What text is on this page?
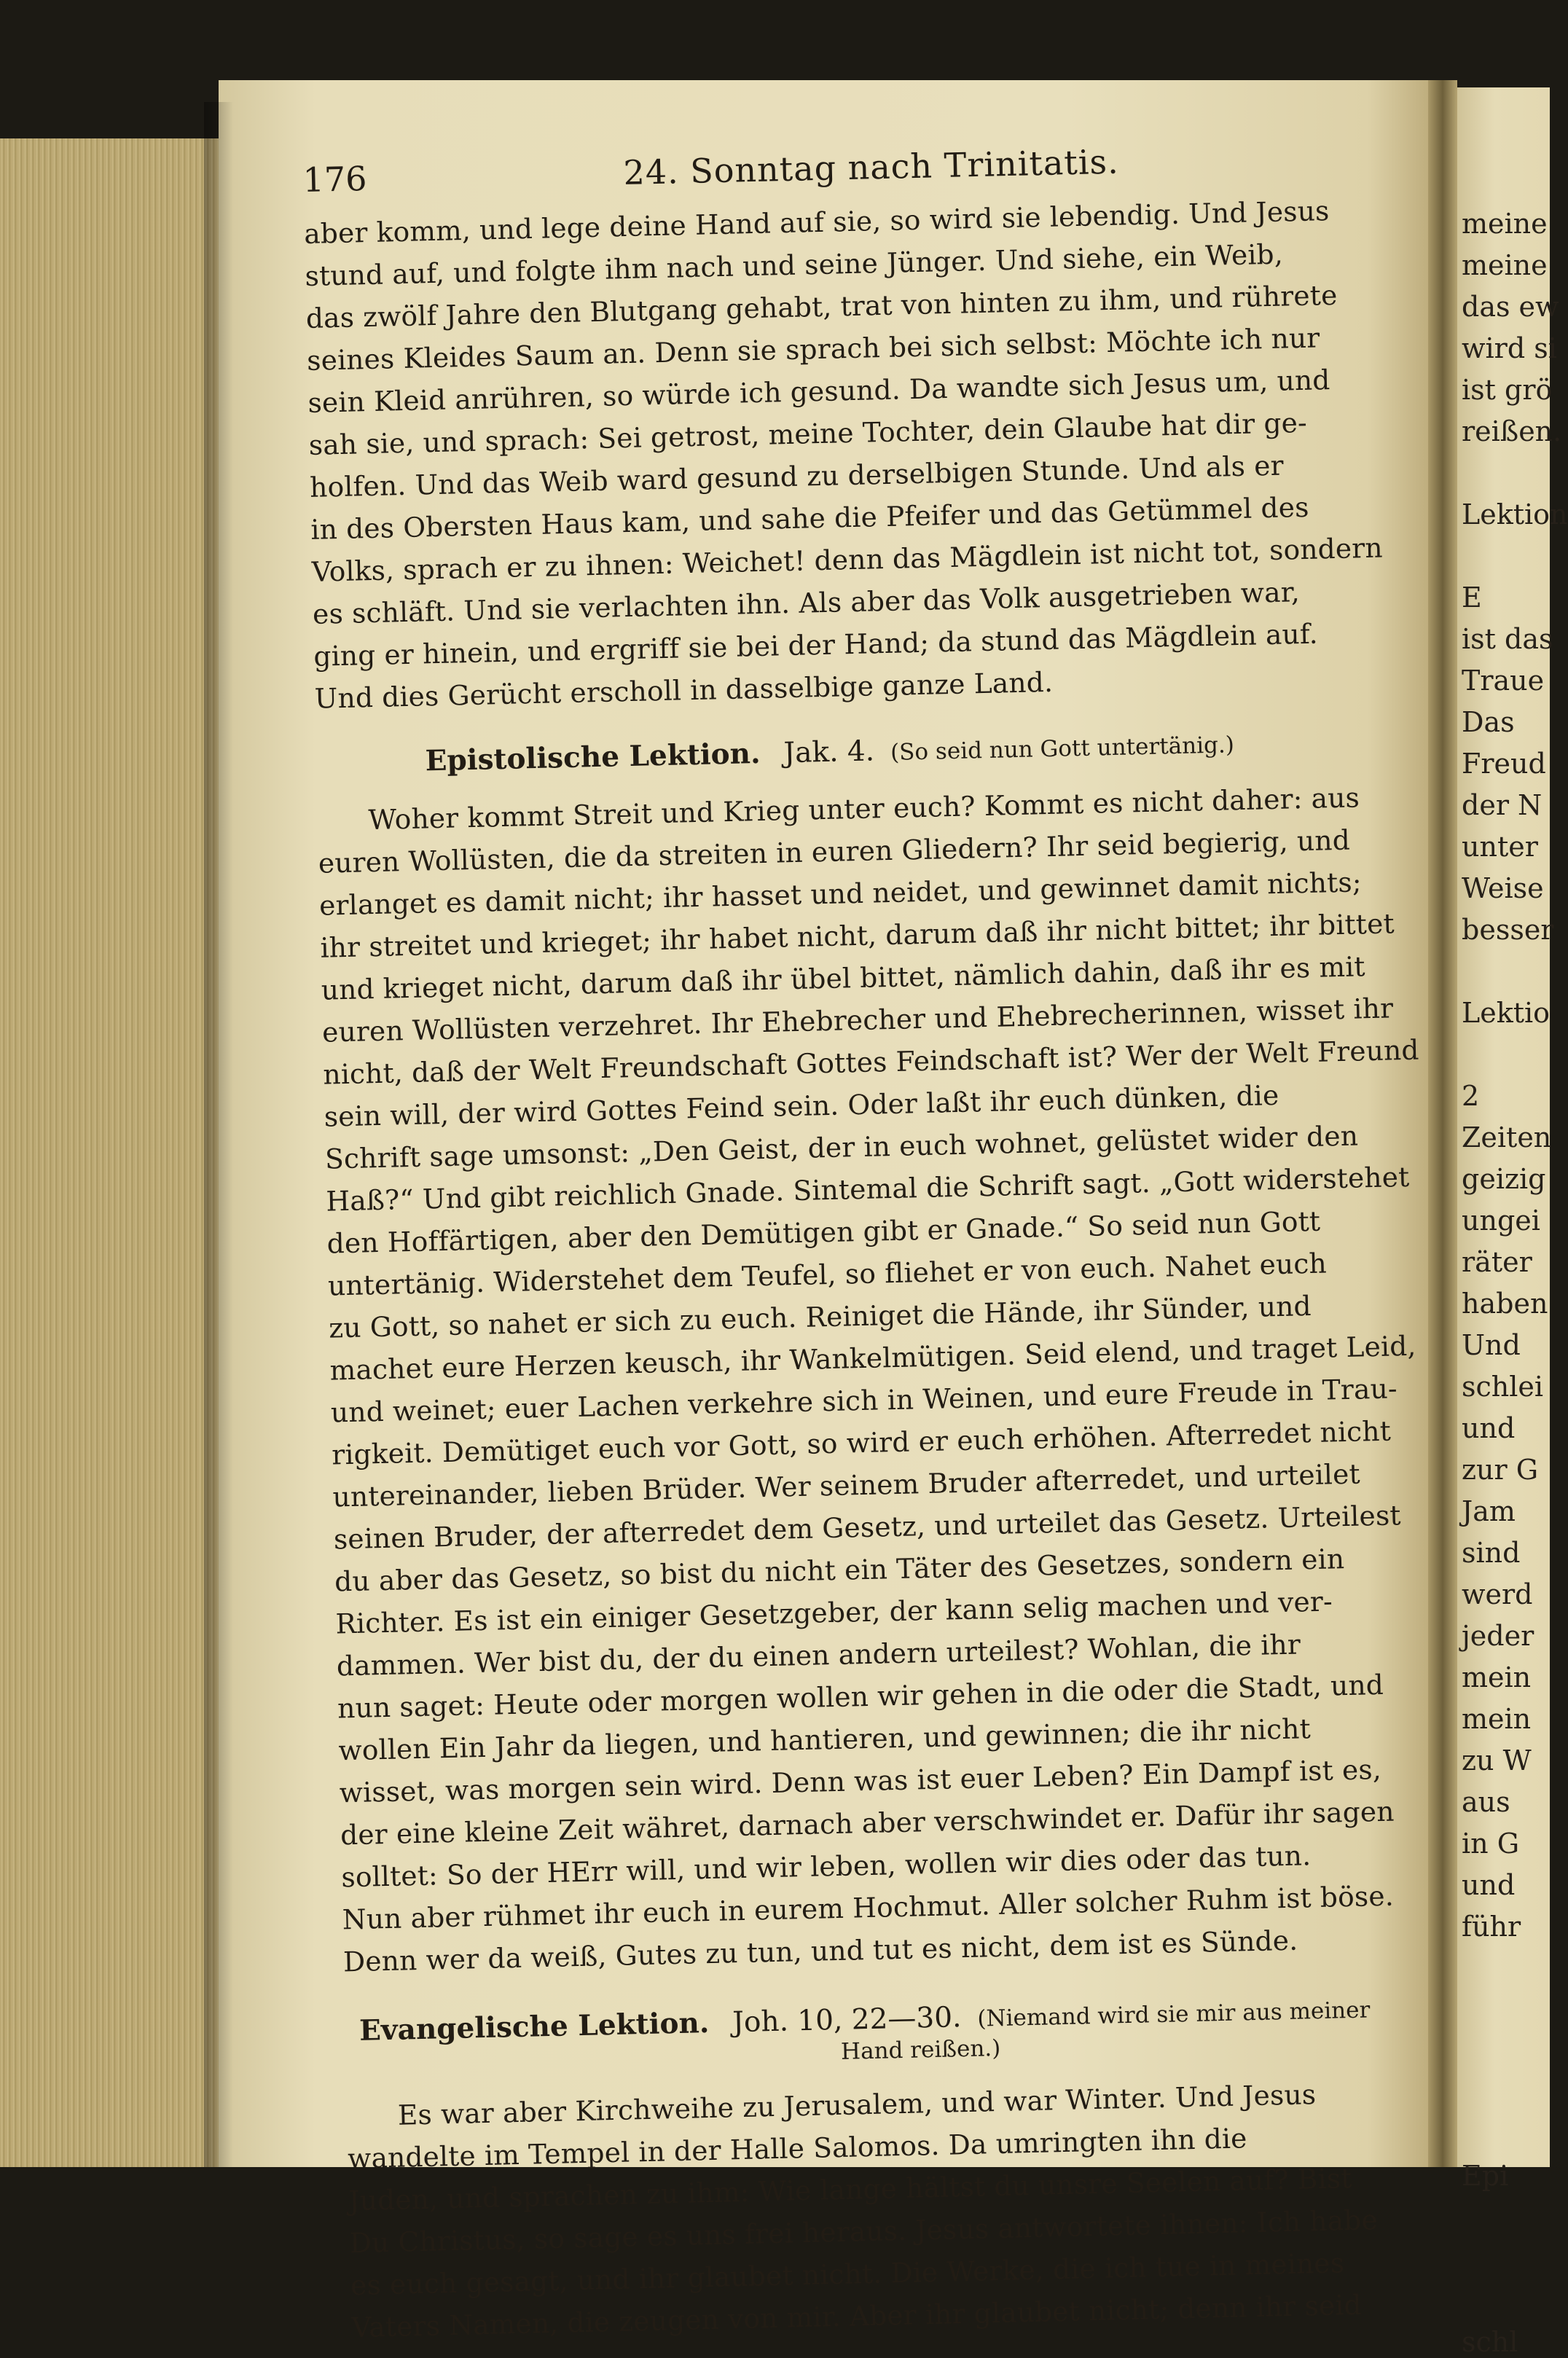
meine
meine
das ew
wird si
ist grö
reißen.
Lektion
E
ist das
Traue
Das
Freud
der N
unter
Weise
besser
Lektio
2
Zeiten
geizig
ungei
räter
haben
Und
schlei
und
zur G
Jam
sind
werd
jeder
mein
mein
zu W
aus
in G
und
führ
Epi
schl
176	24. Sonntag nach Trinitatis.
aber komm, und lege deine Hand auf sie, so wird sie lebendig. Und Jesus
stund auf, und folgte ihm nach und seine Jünger. Und siehe, ein Weib,
das zwölf Jahre den Blutgang gehabt, trat von hinten zu ihm, und rührete
seines Kleides Saum an. Denn sie sprach bei sich selbst: Möchte ich nur
sein Kleid anrühren, so würde ich gesund. Da wandte sich Jesus um, und
sah sie, und sprach: Sei getrost, meine Tochter, dein Glaube hat dir ge-
holfen. Und das Weib ward gesund zu derselbigen Stunde. Und als er
in des Obersten Haus kam, und sahe die Pfeifer und das Getümmel des
Volks, sprach er zu ihnen: Weichet! denn das Mägdlein ist nicht tot, sondern
es schläft. Und sie verlachten ihn. Als aber das Volk ausgetrieben war,
ging er hinein, und ergriff sie bei der Hand; da stund das Mägdlein auf.
Und dies Gerücht erscholl in dasselbige ganze Land.
Epistolische Lektion. Jak. 4. (So seid nun Gott untertänig.)
Woher kommt Streit und Krieg unter euch? Kommt es nicht daher: aus
euren Wollüsten, die da streiten in euren Gliedern? Ihr seid begierig, und
erlanget es damit nicht; ihr hasset und neidet, und gewinnet damit nichts;
ihr streitet und krieget; ihr habet nicht, darum daß ihr nicht bittet; ihr bittet
und krieget nicht, darum daß ihr übel bittet, nämlich dahin, daß ihr es mit
euren Wollüsten verzehret. Ihr Ehebrecher und Ehebrecherinnen, wisset ihr
nicht, daß der Welt Freundschaft Gottes Feindschaft ist? Wer der Welt Freund
sein will, der wird Gottes Feind sein. Oder laßt ihr euch dünken, die
Schrift sage umsonst: „Den Geist, der in euch wohnet, gelüstet wider den
Haß?“ Und gibt reichlich Gnade. Sintemal die Schrift sagt. „Gott widerstehet
den Hoffärtigen, aber den Demütigen gibt er Gnade.“ So seid nun Gott
untertänig. Widerstehet dem Teufel, so fliehet er von euch. Nahet euch
zu Gott, so nahet er sich zu euch. Reiniget die Hände, ihr Sünder, und
machet eure Herzen keusch, ihr Wankelmütigen. Seid elend, und traget Leid,
und weinet; euer Lachen verkehre sich in Weinen, und eure Freude in Trau-
rigkeit. Demütiget euch vor Gott, so wird er euch erhöhen. Afterredet nicht
untereinander, lieben Brüder. Wer seinem Bruder afterredet, und urteilet
seinen Bruder, der afterredet dem Gesetz, und urteilet das Gesetz. Urteilest
du aber das Gesetz, so bist du nicht ein Täter des Gesetzes, sondern ein
Richter. Es ist ein einiger Gesetzgeber, der kann selig machen und ver-
dammen. Wer bist du, der du einen andern urteilest? Wohlan, die ihr
nun saget: Heute oder morgen wollen wir gehen in die oder die Stadt, und
wollen Ein Jahr da liegen, und hantieren, und gewinnen; die ihr nicht
wisset, was morgen sein wird. Denn was ist euer Leben? Ein Dampf ist es,
der eine kleine Zeit währet, darnach aber verschwindet er. Dafür ihr sagen
solltet: So der HErr will, und wir leben, wollen wir dies oder das tun.
Nun aber rühmet ihr euch in eurem Hochmut. Aller solcher Ruhm ist böse.
Denn wer da weiß, Gutes zu tun, und tut es nicht, dem ist es Sünde.
Evangelische Lektion. Joh. 10, 22—30. (Niemand wird sie mir aus meiner
Hand reißen.)
Es war aber Kirchweihe zu Jerusalem, und war Winter. Und Jesus
wandelte im Tempel in der Halle Salomos. Da umringten ihn die
Juden, und sprachen zu ihm: Wie lange hältst du unsre Seelen auf? Bist
Du Christus, so sage es uns frei heraus. Jesus antwortete ihnen: Ich habe
es euch gesagt, und ihr glaubet nicht. Die Werke, die ich tue in meines
Vaters Namen, die zeugen von mir. Aber ihr glaubet nicht; denn ihr seid
